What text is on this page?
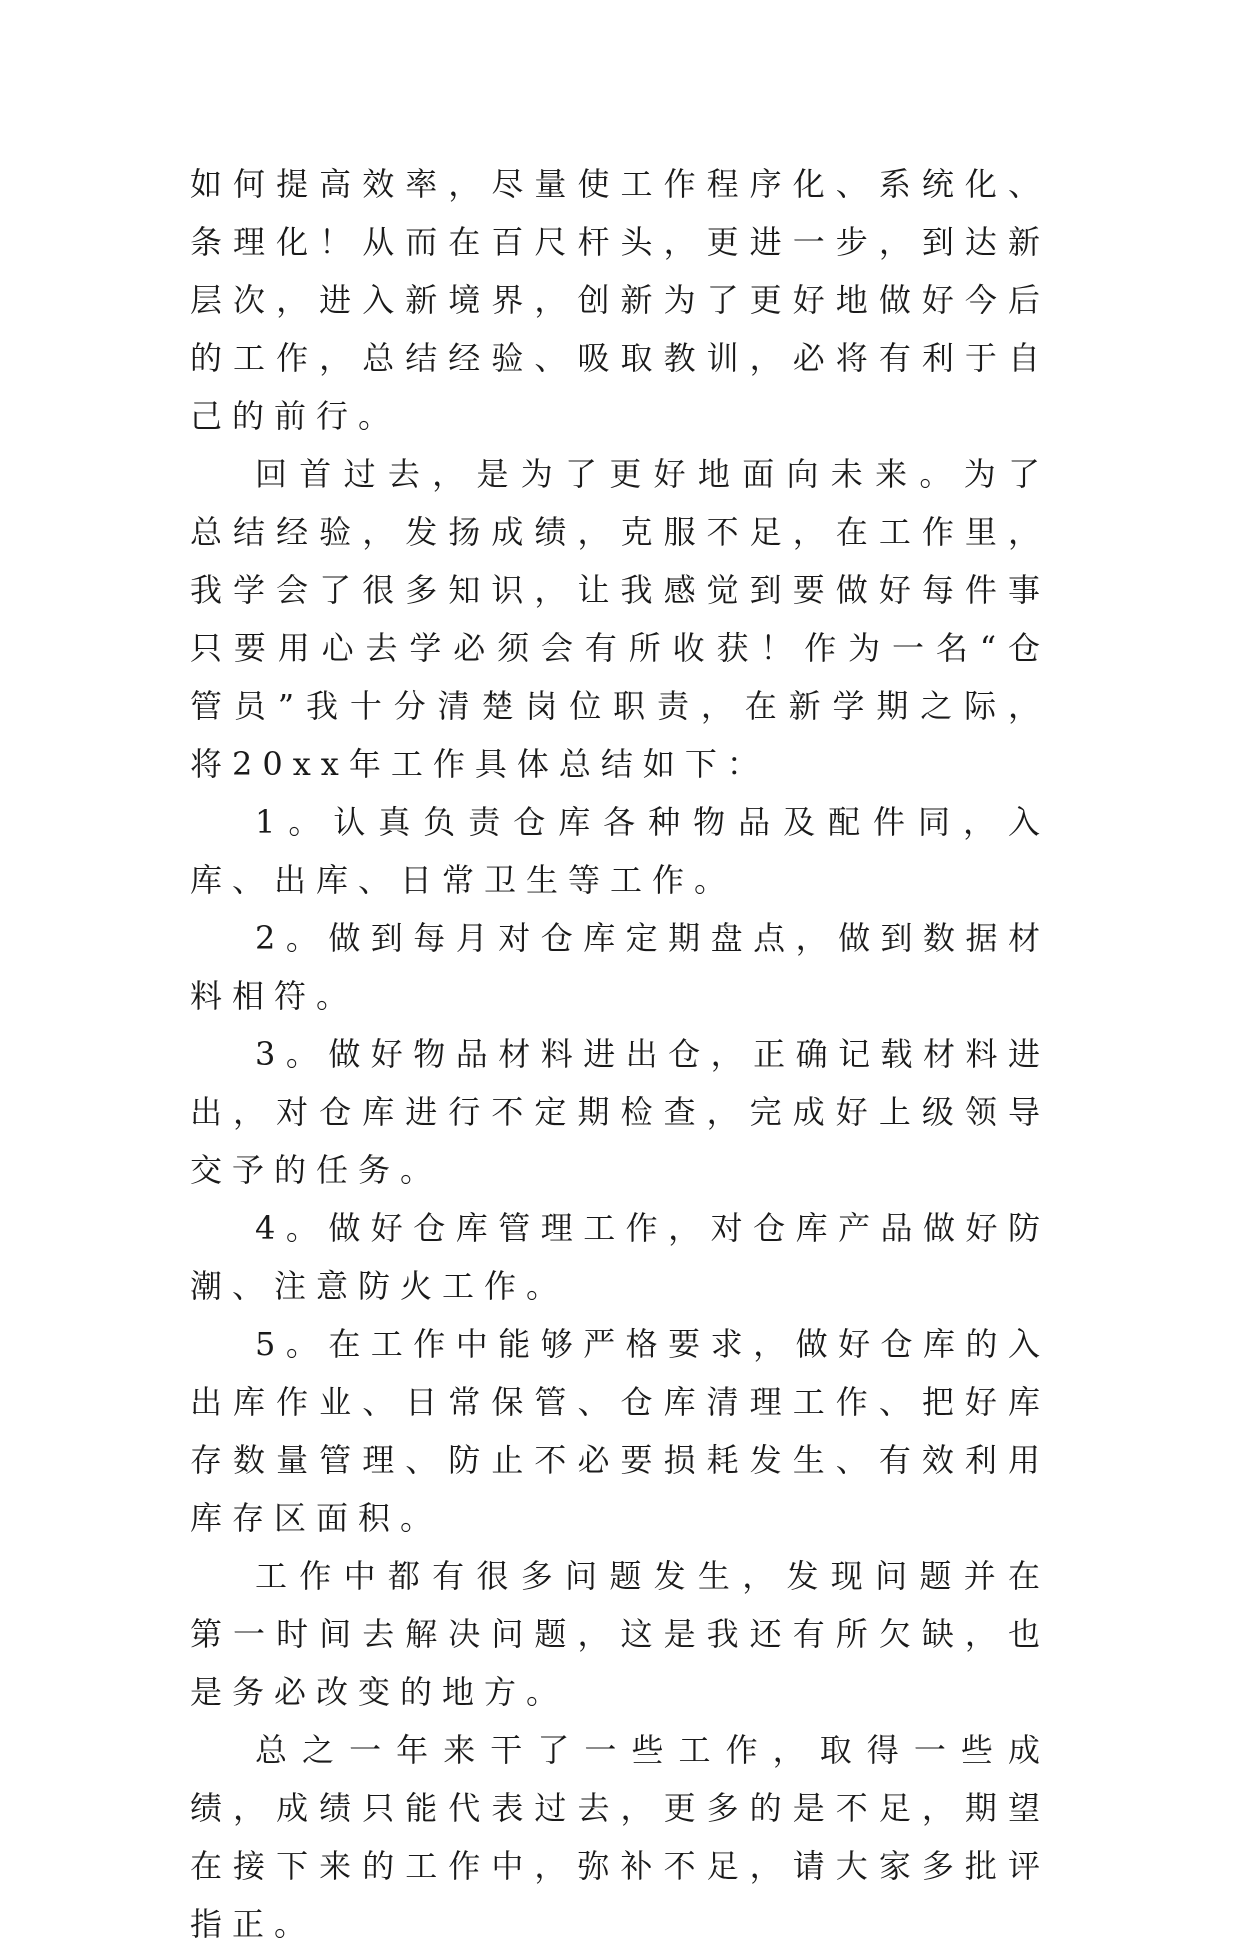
如何提高效率，尽量使工作程序化、系统化、条理化！从而在百尺杆头，更进一步，到达新层次，进入新境界，创新为了更好地做好今后的工作，总结经验、吸取教训，必将有利于自己的前行。

回首过去，是为了更好地面向未来。为了总结经验，发扬成绩，克服不足，在工作里，我学会了很多知识，让我感觉到要做好每件事只要用心去学必须会有所收获！作为一名“仓管员”我十分清楚岗位职责，在新学期之际，将20xx年工作具体总结如下：

1。认真负责仓库各种物品及配件同，入库、出库、日常卫生等工作。

2。做到每月对仓库定期盘点，做到数据材料相符。

3。做好物品材料进出仓，正确记载材料进出，对仓库进行不定期检查，完成好上级领导交予的任务。

4。做好仓库管理工作，对仓库产品做好防潮、注意防火工作。

5。在工作中能够严格要求，做好仓库的入出库作业、日常保管、仓库清理工作、把好库存数量管理、防止不必要损耗发生、有效利用库存区面积。

工作中都有很多问题发生，发现问题并在第一时间去解决问题，这是我还有所欠缺，也是务必改变的地方。

总之一年来干了一些工作，取得一些成绩，成绩只能代表过去，更多的是不足，期望在接下来的工作中，弥补不足，请大家多批评指正。
